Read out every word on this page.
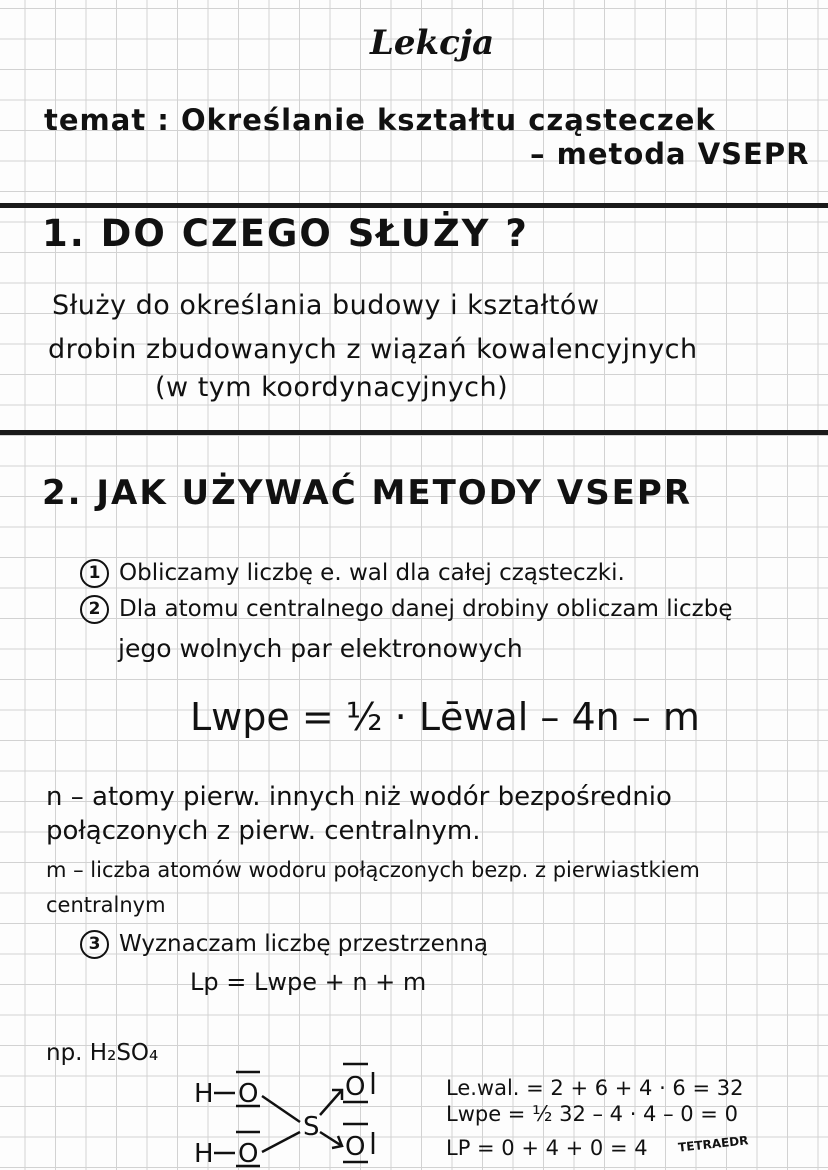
Lekcja
temat : Określanie kształtu cząsteczek
– metoda VSEPR
1. DO CZEGO SŁUŻY ?
Służy do określania budowy i kształtów
drobin zbudowanych z wiązań kowalencyjnych
(w tym koordynacyjnych)
2. JAK UŻYWAĆ METODY VSEPR
1 Obliczamy liczbę e. wal dla całej cząsteczki.
2 Dla atomu centralnego danej drobiny obliczam liczbę
jego wolnych par elektronowych
Lwpe = ½ · Lēwal – 4n – m
n – atomy pierw. innych niż wodór bezpośrednio
połączonych z pierw. centralnym.
m – liczba atomów wodoru połączonych bezp. z pierwiastkiem
centralnym
3 Wyznaczam liczbę przestrzenną
Lp = Lwpe + n + m
np. H₂SO₄
H
H
O
O
S
O
O
Le.wal. = 2 + 6 + 4 · 6 = 32
Lwpe = ½ 32 – 4 · 4 – 0 = 0
LP = 0 + 4 + 0 = 4 TETRAEDR
